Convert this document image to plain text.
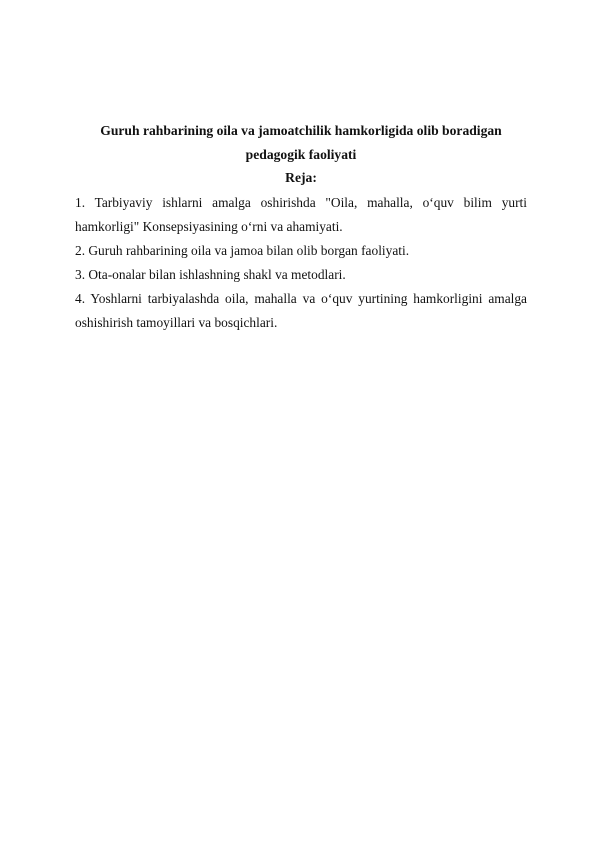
Guruh rahbarining oila va jamoatchilik hamkorligida olib boradigan pedagogik faoliyati

Reja:

1. Tarbiyaviy ishlarni amalga oshirishda "Oila, mahalla, o‘quv bilim yurti hamkorligi" Konsepsiyasining o‘rni va ahamiyati.
2. Guruh rahbarining oila va jamoa bilan olib borgan faoliyati.
3. Ota-onalar bilan ishlashning shakl va metodlari.
4. Yoshlarni tarbiyalashda oila, mahalla va o‘quv yurtining hamkorligini amalga oshishirish tamoyillari va bosqichlari.
